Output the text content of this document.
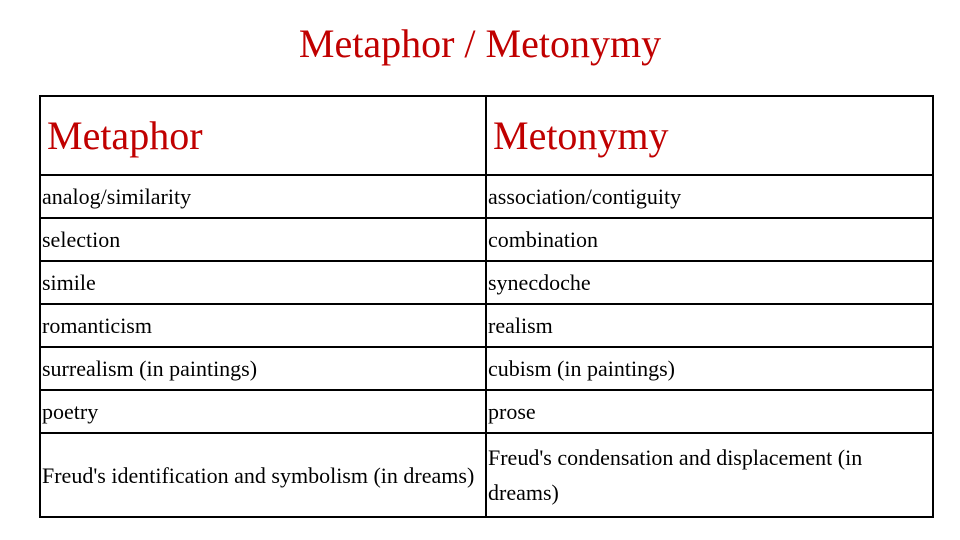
Metaphor / Metonymy
Metaphor	Metonymy
analog/similarity	association/contiguity
selection	combination
simile	synecdoche
romanticism	realism
surrealism (in paintings)	cubism (in paintings)
poetry	prose
Freud's identification and symbolism (in dreams)	Freud's condensation and displacement (in dreams)
